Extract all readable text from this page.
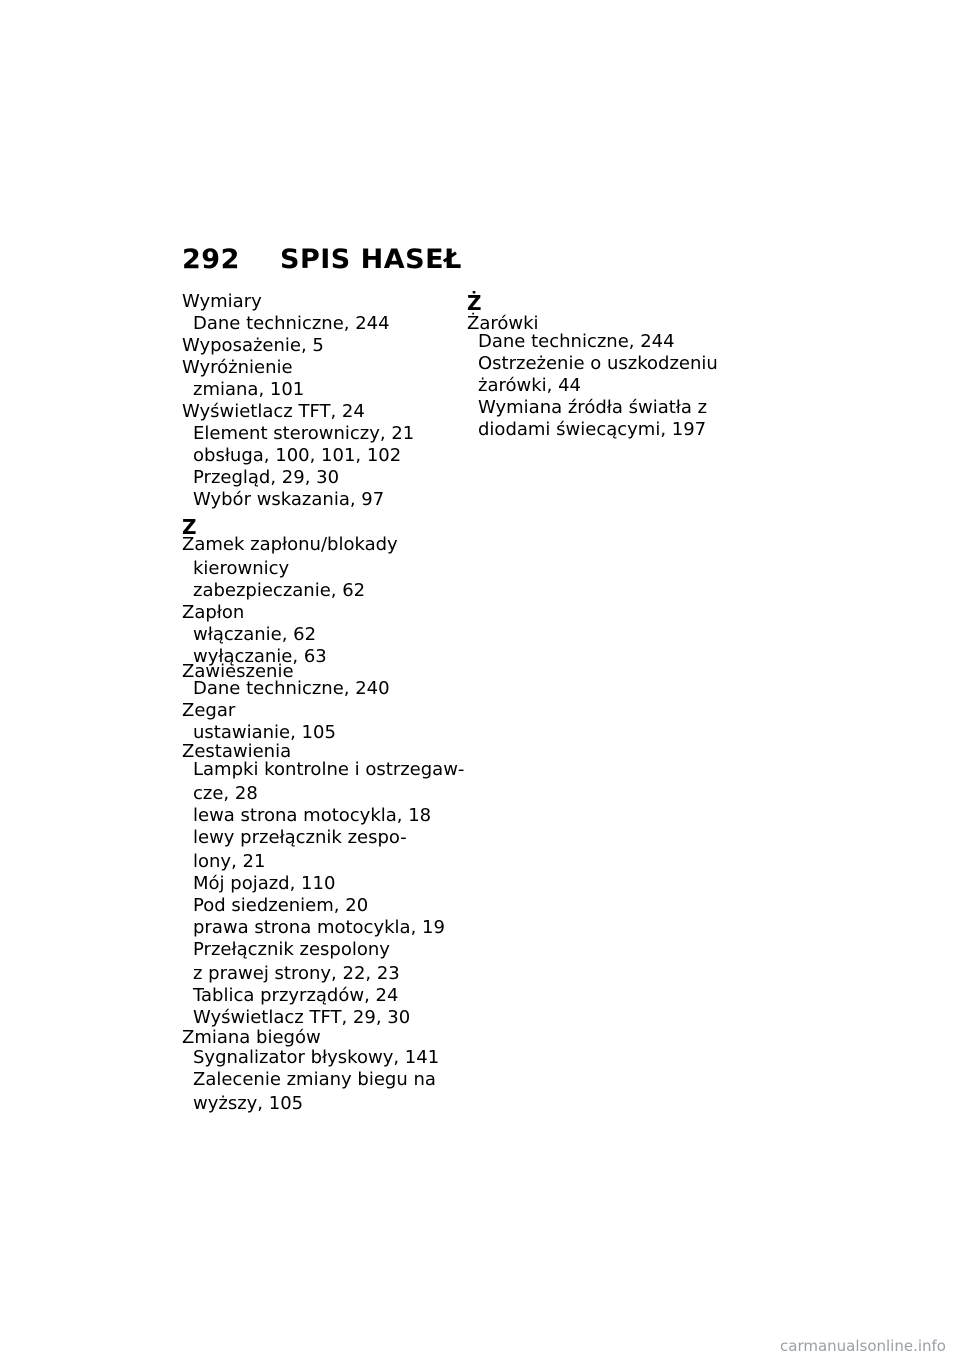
292 SPIS HASEŁ
Wymiary
Dane techniczne, 244
Wyposażenie, 5
Wyróżnienie
zmiana, 101
Wyświetlacz TFT, 24
Element sterowniczy, 21
obsługa, 100, 101, 102
Przegląd, 29, 30
Wybór wskazania, 97
Z
Zamek zapłonu/blokady
kierownicy
zabezpieczanie, 62
Zapłon
włączanie, 62
wyłączanie, 63
Zawieszenie
Dane techniczne, 240
Zegar
ustawianie, 105
Zestawienia
Lampki kontrolne i ostrzegaw-
cze, 28
lewa strona motocykla, 18
lewy przełącznik zespo-
lony, 21
Mój pojazd, 110
Pod siedzeniem, 20
prawa strona motocykla, 19
Przełącznik zespolony
z prawej strony, 22, 23
Tablica przyrządów, 24
Wyświetlacz TFT, 29, 30
Zmiana biegów
Sygnalizator błyskowy, 141
Zalecenie zmiany biegu na
wyższy, 105
Ż
Żarówki
Dane techniczne, 244
Ostrzeżenie o uszkodzeniu
żarówki, 44
Wymiana źródła światła z
diodami świecącymi, 197
carmanualsonline.info
